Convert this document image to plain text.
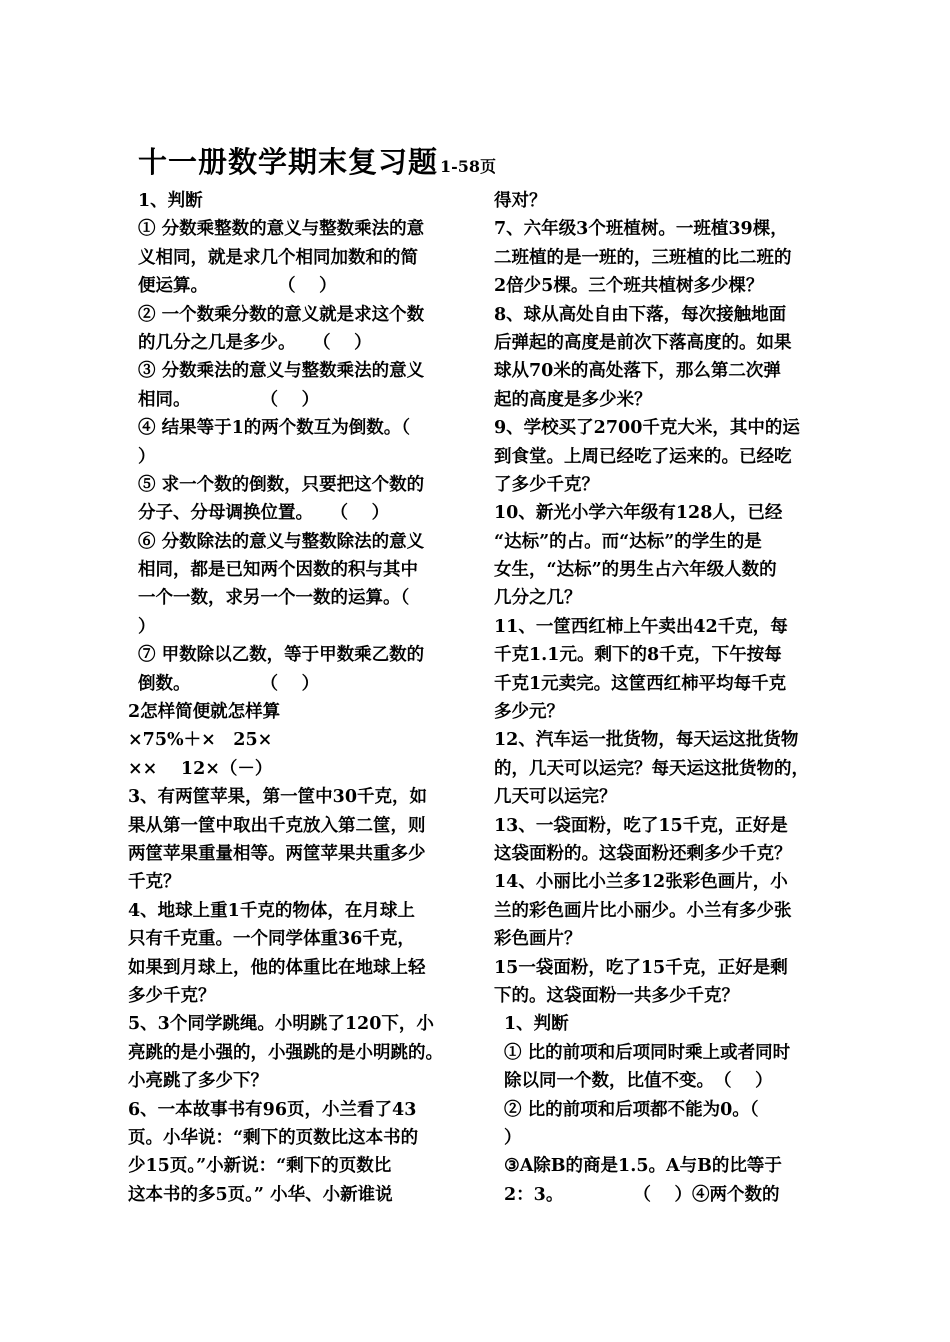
十一册数学期末复习题 1-58页
1、判断
① 分数乘整数的意义与整数乘法的意
义相同，就是求几个相同加数和的简
便运算。　　　　　（　 ）
② 一个数乘分数的意义就是求这个数
的几分之几是多少。　　（　 ）
③ 分数乘法的意义与整数乘法的意义
相同。　　　　　（　 ）
④ 结果等于1的两个数互为倒数。（
）
⑤ 求一个数的倒数，只要把这个数的
分子、分母调换位置。　　（　 ）
⑥ 分数除法的意义与整数除法的意义
相同，都是已知两个因数的积与其中
一个一数，求另一个一数的运算。（
）
⑦ 甲数除以乙数，等于甲数乘乙数的
倒数。　　　　　（　 ）
2怎样简便就怎样算
×75%＋×　25×
××　 12×（－）
3、有两筐苹果，第一筐中30千克，如
果从第一筐中取出千克放入第二筐，则
两筐苹果重量相等。两筐苹果共重多少
千克？
4、地球上重1千克的物体，在月球上
只有千克重。一个同学体重36千克，
如果到月球上，他的体重比在地球上轻
多少千克？
5、3个同学跳绳。小明跳了120下，小
亮跳的是小强的，小强跳的是小明跳的。
小亮跳了多少下？
6、一本故事书有96页，小兰看了43
页。小华说：“剩下的页数比这本书的
少15页。”小新说：“剩下的页数比
这本书的多5页。” 小华、小新谁说
得对？
7、六年级3个班植树。一班植39棵，
二班植的是一班的，三班植的比二班的
2倍少5棵。三个班共植树多少棵？
8、球从高处自由下落，每次接触地面
后弹起的高度是前次下落高度的。如果
球从70米的高处落下，那么第二次弹
起的高度是多少米？
9、学校买了2700千克大米，其中的运
到食堂。上周已经吃了运来的。已经吃
了多少千克？
10、新光小学六年级有128人，已经
“达标”的占。而“达标”的学生的是
女生，“达标”的男生占六年级人数的
几分之几？
11、一筐西红柿上午卖出42千克，每
千克1.1元。剩下的8千克，下午按每
千克1元卖完。这筐西红柿平均每千克
多少元？
12、汽车运一批货物，每天运这批货物
的，几天可以运完？每天运这批货物的，
几天可以运完？
13、一袋面粉，吃了15千克，正好是
这袋面粉的。这袋面粉还剩多少千克？
14、小丽比小兰多12张彩色画片，小
兰的彩色画片比小丽少。小兰有多少张
彩色画片？
15一袋面粉，吃了15千克，正好是剩
下的。这袋面粉一共多少千克？
1、判断
① 比的前项和后项同时乘上或者同时
除以同一个数，比值不变。　（　 ）
② 比的前项和后项都不能为0。（
）
③A除B的商是1.5。A与B的比等于
2：3。　　　　　（　 ）④两个数的
